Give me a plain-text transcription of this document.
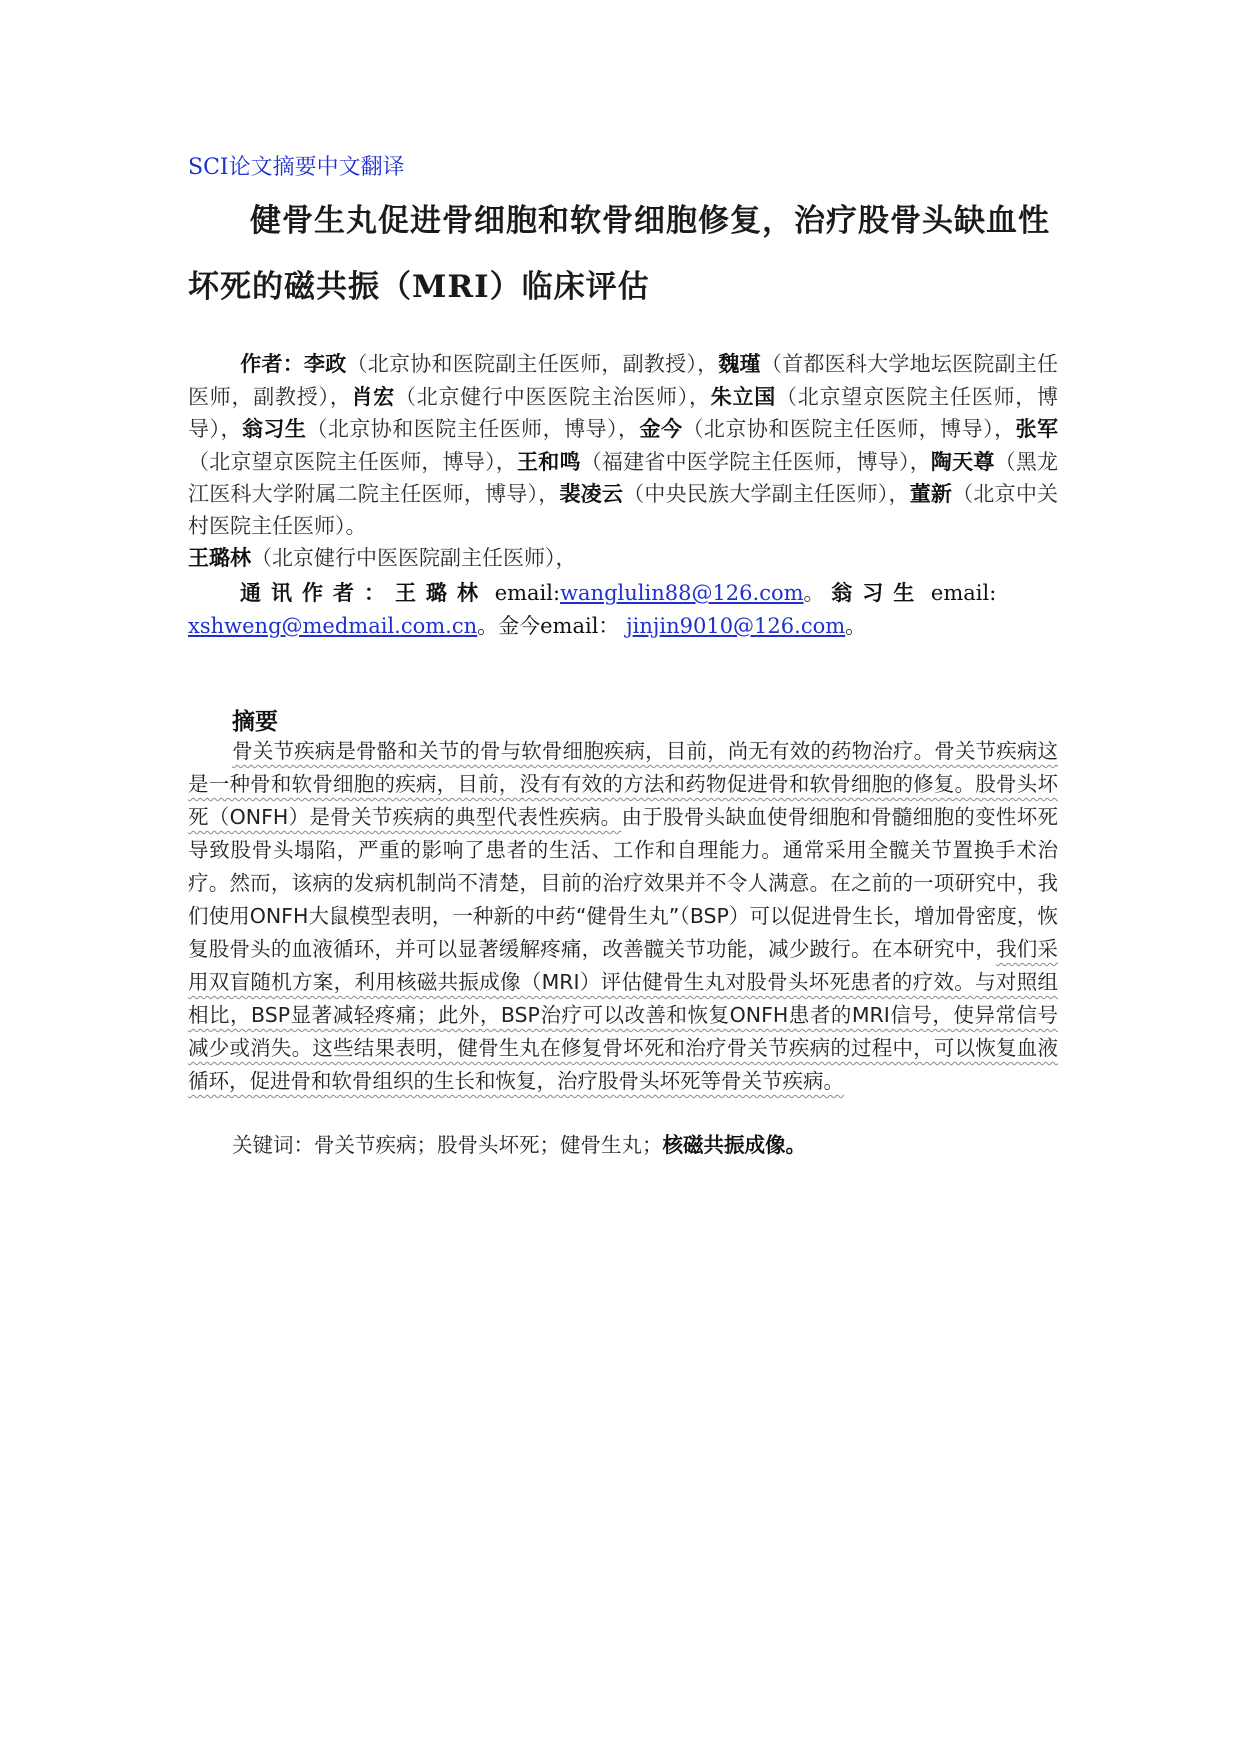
SCI论文摘要中文翻译
健骨生丸促进骨细胞和软骨细胞修复，治疗股骨头缺血性坏死的磁共振（MRI）临床评估
作者：李政（北京协和医院副主任医师，副教授），魏瑾（首都医科大学地坛医院副主任医师，副教授），肖宏（北京健行中医医院主治医师），朱立国（北京望京医院主任医师，博导），翁习生（北京协和医院主任医师，博导），金今（北京协和医院主任医师，博导），张军（北京望京医院主任医师，博导），王和鸣（福建省中医学院主任医师，博导），陶天尊（黑龙江医科大学附属二院主任医师，博导），裴凌云（中央民族大学副主任医师），董新（北京中关村医院主任医师）。
王璐林（北京健行中医医院副主任医师），
通讯作者：王璐林 email:wanglulin88@126.com。 翁习生 email: xshweng@medmail.com.cn。金今email： jinjin9010@126.com。
摘要
骨关节疾病是骨骼和关节的骨与软骨细胞疾病，目前，尚无有效的药物治疗。骨关节疾病这是一种骨和软骨细胞的疾病，目前，没有有效的方法和药物促进骨和软骨细胞的修复。股骨头坏死（ONFH）是骨关节疾病的典型代表性疾病。由于股骨头缺血使骨细胞和骨髓细胞的变性坏死导致股骨头塌陷，严重的影响了患者的生活、工作和自理能力。通常采用全髋关节置换手术治疗。然而，该病的发病机制尚不清楚，目前的治疗效果并不令人满意。在之前的一项研究中，我们使用ONFH大鼠模型表明，一种新的中药“健骨生丸”（BSP）可以促进骨生长，增加骨密度，恢复股骨头的血液循环，并可以显著缓解疼痛，改善髋关节功能，减少跛行。在本研究中，我们采用双盲随机方案，利用核磁共振成像（MRI）评估健骨生丸对股骨头坏死患者的疗效。与对照组相比，BSP显著减轻疼痛；此外，BSP治疗可以改善和恢复ONFH患者的MRI信号，使异常信号减少或消失。这些结果表明，健骨生丸在修复骨坏死和治疗骨关节疾病的过程中，可以恢复血液循环，促进骨和软骨组织的生长和恢复，治疗股骨头坏死等骨关节疾病。
关键词：骨关节疾病；股骨头坏死；健骨生丸；核磁共振成像。
